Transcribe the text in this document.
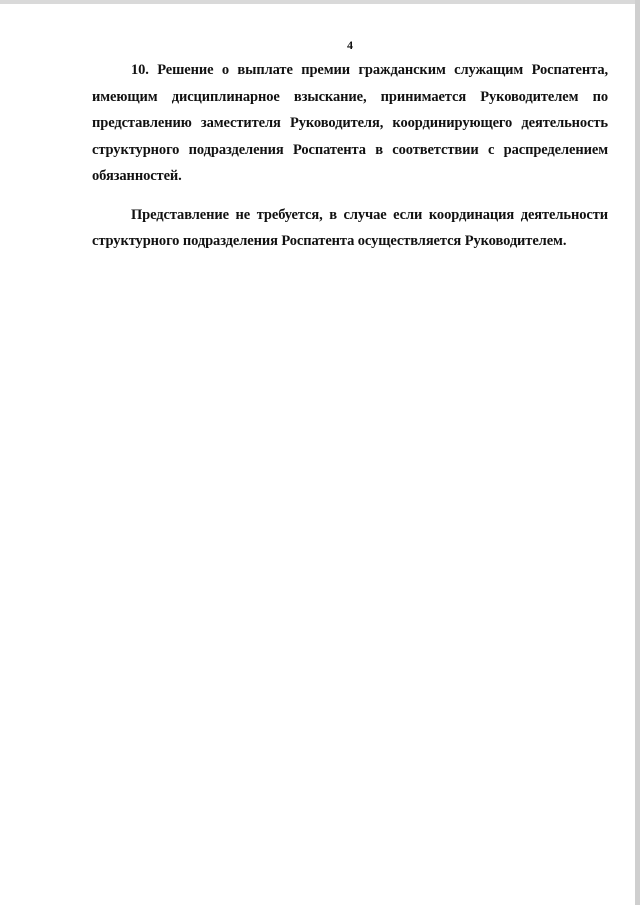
4

10. Решение о выплате премии гражданским служащим Роспатента, имеющим дисциплинарное взыскание, принимается Руководителем по представлению заместителя Руководителя, координирующего деятельность структурного подразделения Роспатента в соответствии с распределением обязанностей.

Представление не требуется, в случае если координация деятельности структурного подразделения Роспатента осуществляется Руководителем.
